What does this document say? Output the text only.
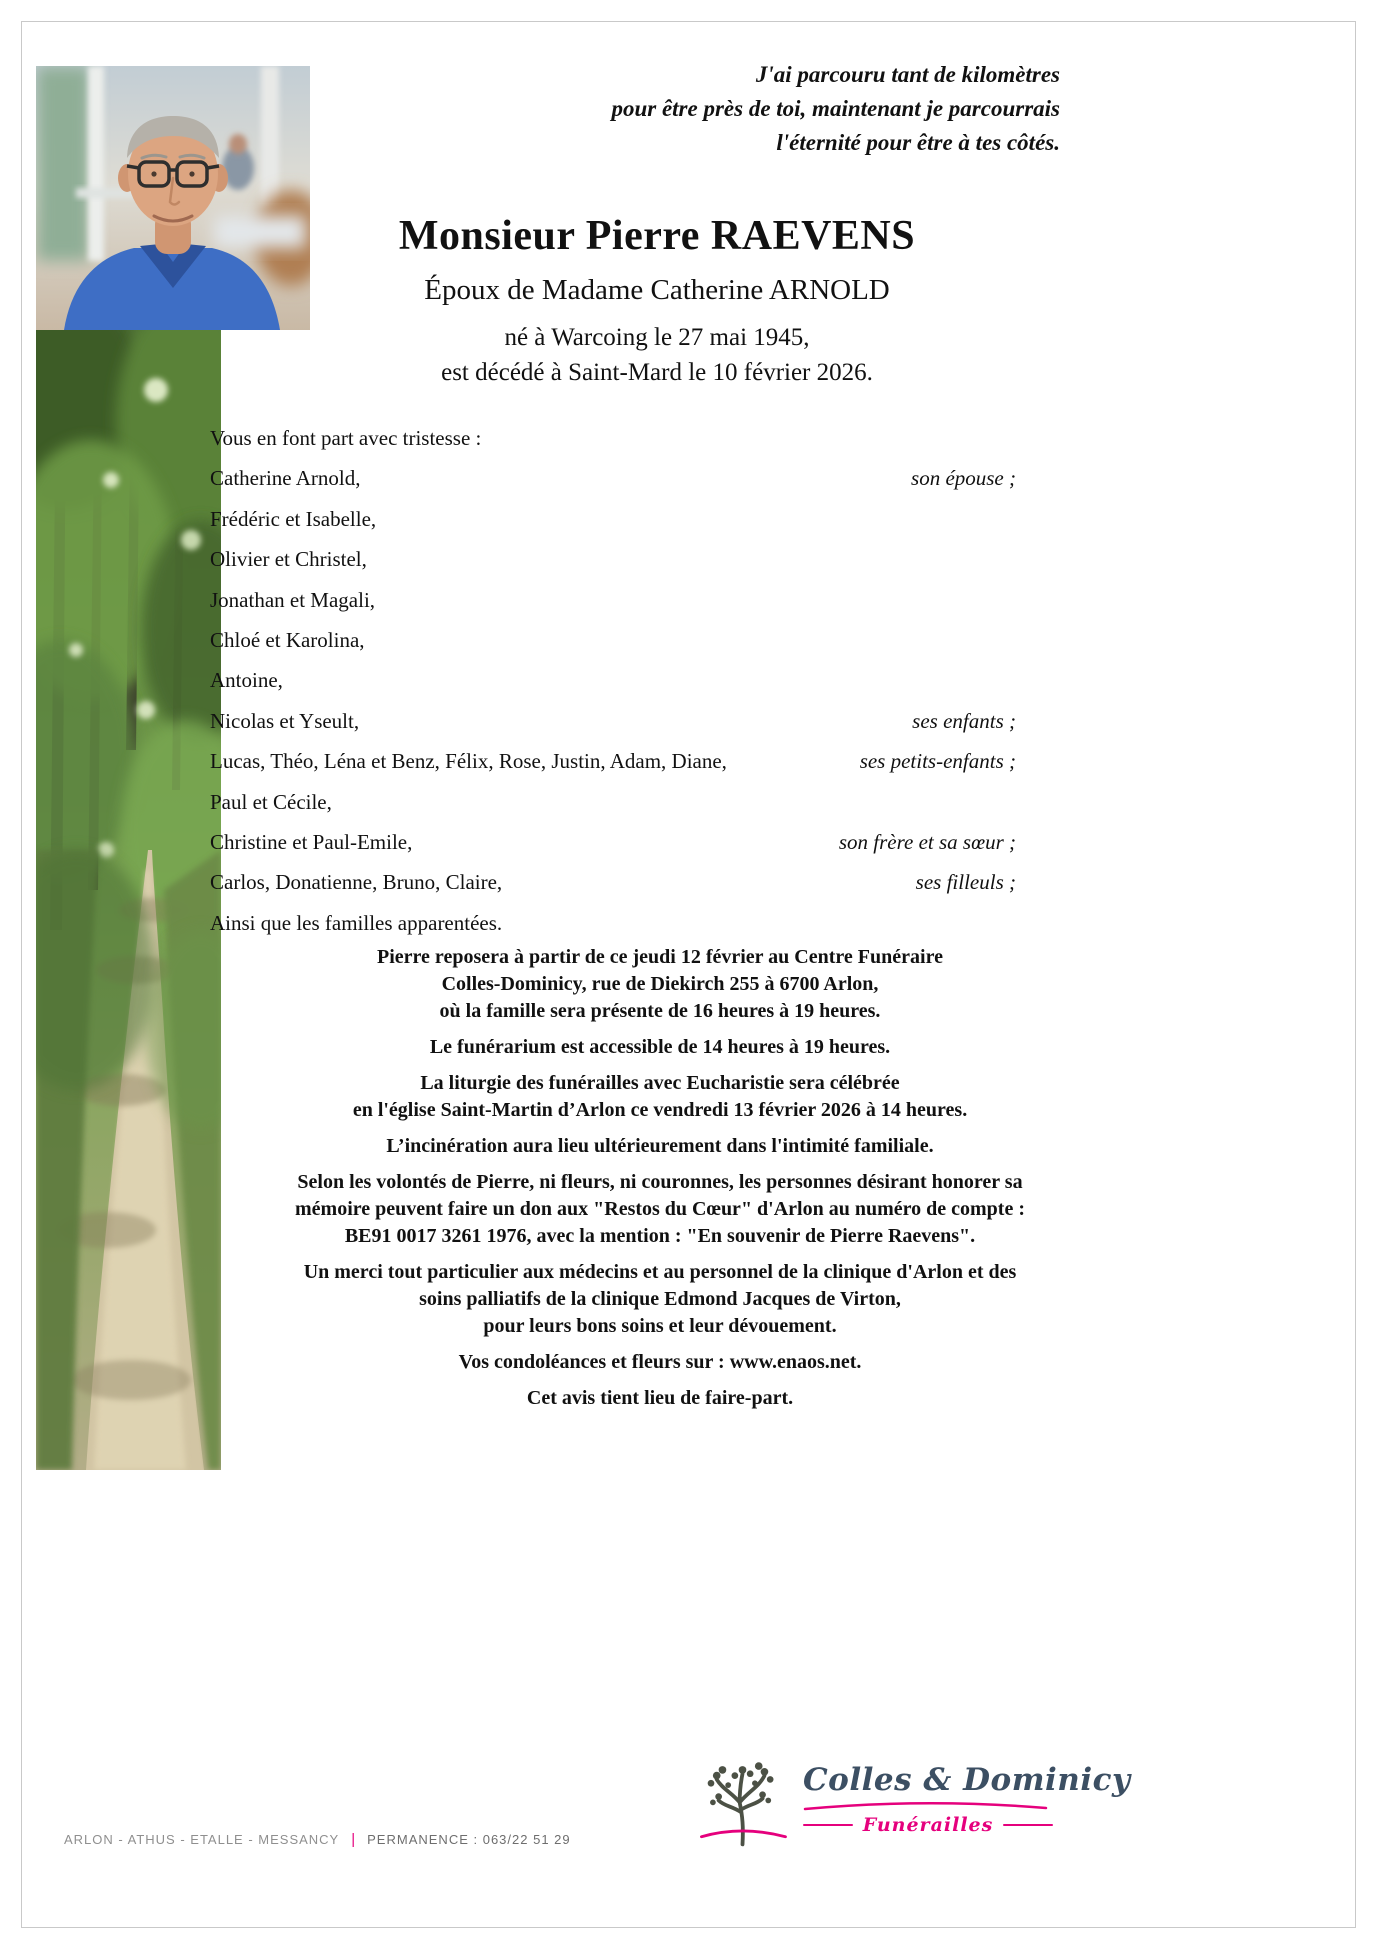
J'ai parcouru tant de kilomètres
pour être près de toi, maintenant je parcourrais
l'éternité pour être à tes côtés.
Monsieur Pierre RAEVENS
Époux de Madame Catherine ARNOLD
né à Warcoing le 27 mai 1945,
est décédé à Saint-Mard le 10 février 2026.
Vous en font part avec tristesse :
Catherine Arnold,	son épouse ;
Frédéric et Isabelle,
Olivier et Christel,
Jonathan et Magali,
Chloé et Karolina,
Antoine,
Nicolas et Yseult,	ses enfants ;
Lucas, Théo, Léna et Benz, Félix, Rose, Justin, Adam, Diane,	ses petits-enfants ;
Paul et Cécile,
Christine et Paul-Emile,	son frère et sa sœur ;
Carlos, Donatienne, Bruno, Claire,	ses filleuls ;
Ainsi que les familles apparentées.

Pierre reposera à partir de ce jeudi 12 février au Centre Funéraire
Colles-Dominicy, rue de Diekirch 255 à 6700 Arlon,
où la famille sera présente de 16 heures à 19 heures.

Le funérarium est accessible de 14 heures à 19 heures.

La liturgie des funérailles avec Eucharistie sera célébrée
en l'église Saint-Martin d’Arlon ce vendredi 13 février 2026 à 14 heures.

L’incinération aura lieu ultérieurement dans l'intimité familiale.

Selon les volontés de Pierre, ni fleurs, ni couronnes, les personnes désirant honorer sa
mémoire peuvent faire un don aux "Restos du Cœur" d'Arlon au numéro de compte :
BE91 0017 3261 1976, avec la mention : "En souvenir de Pierre Raevens".

Un merci tout particulier aux médecins et au personnel de la clinique d'Arlon et des
soins palliatifs de la clinique Edmond Jacques de Virton,
pour leurs bons soins et leur dévouement.

Vos condoléances et fleurs sur : www.enaos.net.

Cet avis tient lieu de faire-part.

ARLON - ATHUS - ETALLE - MESSANCY | PERMANENCE : 063/22 51 29
Colles & Dominicy
Funérailles
